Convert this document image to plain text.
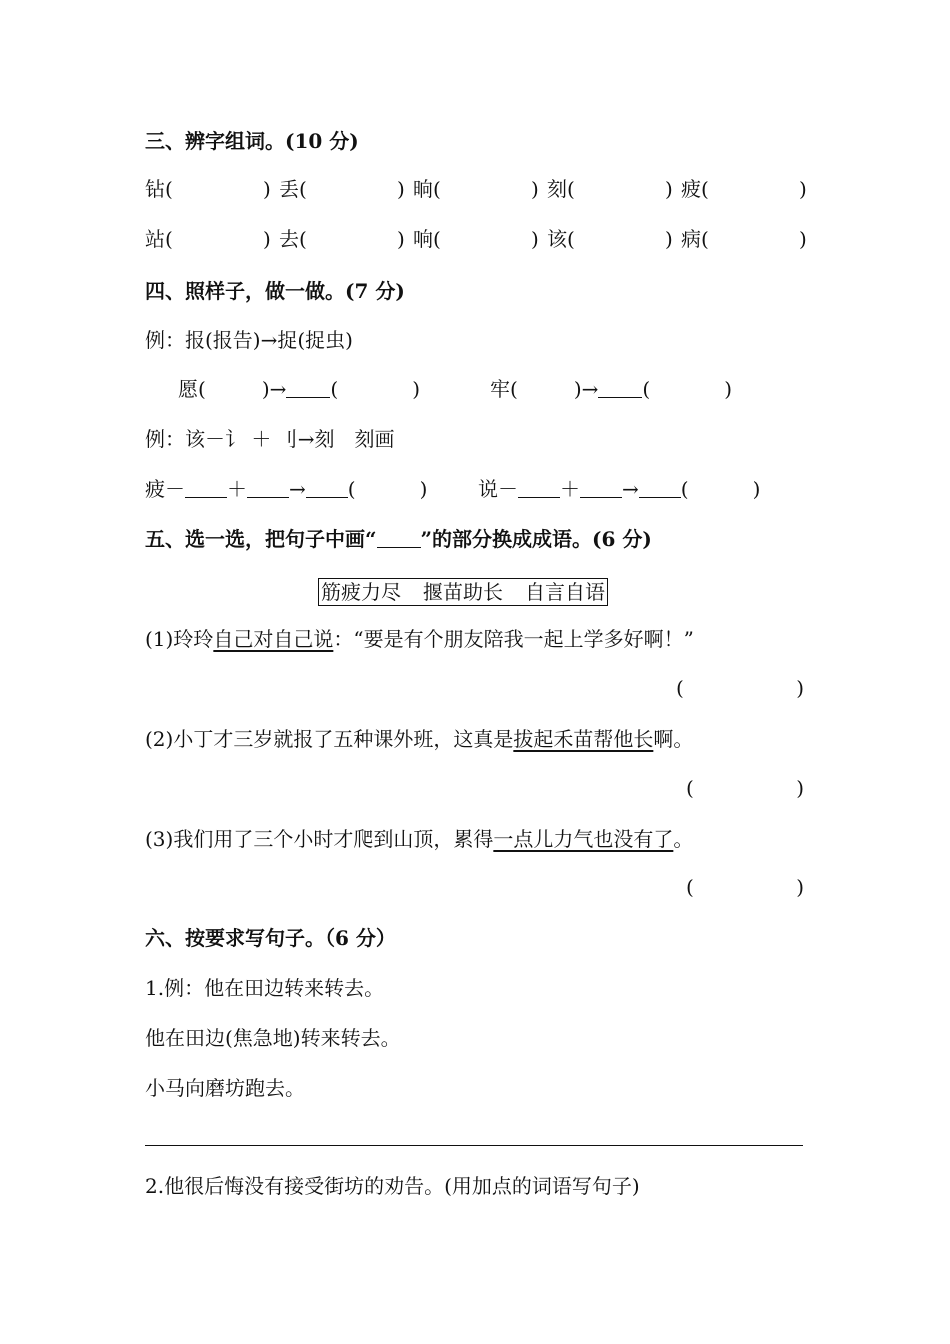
三、辨字组词。(10 分)
钻(	) 丢(	) 晌(	) 刻(	) 疲(	)
站(	) 去(	) 响(	) 该(	) 病(	)
四、照样子，做一做。(7 分)
例：报(报告)→捉(捉虫)
愿(	)→ (	)	牢(	)→ (	)
例：该－讠 ＋ 刂→刻　刻画
疲－ ＋ → (	)	说－ ＋ → (	)
五、选一选，把句子中画“ ”的部分换成成语。(6 分)
筋疲力尽 揠苗助长 自言自语
(1)玲玲自己对自己说：“要是有个朋友陪我一起上学多好啊！”
(	)
(2)小丁才三岁就报了五种课外班，这真是拔起禾苗帮他长啊。
(	)
(3)我们用了三个小时才爬到山顶，累得一点儿力气也没有了。
(	)
六、按要求写句子。（6 分）
1.例：他在田边转来转去。
他在田边(焦急地)转来转去。
小马向磨坊跑去。
2.他很后悔没有接受街坊的劝告。(用加点的词语写句子)
